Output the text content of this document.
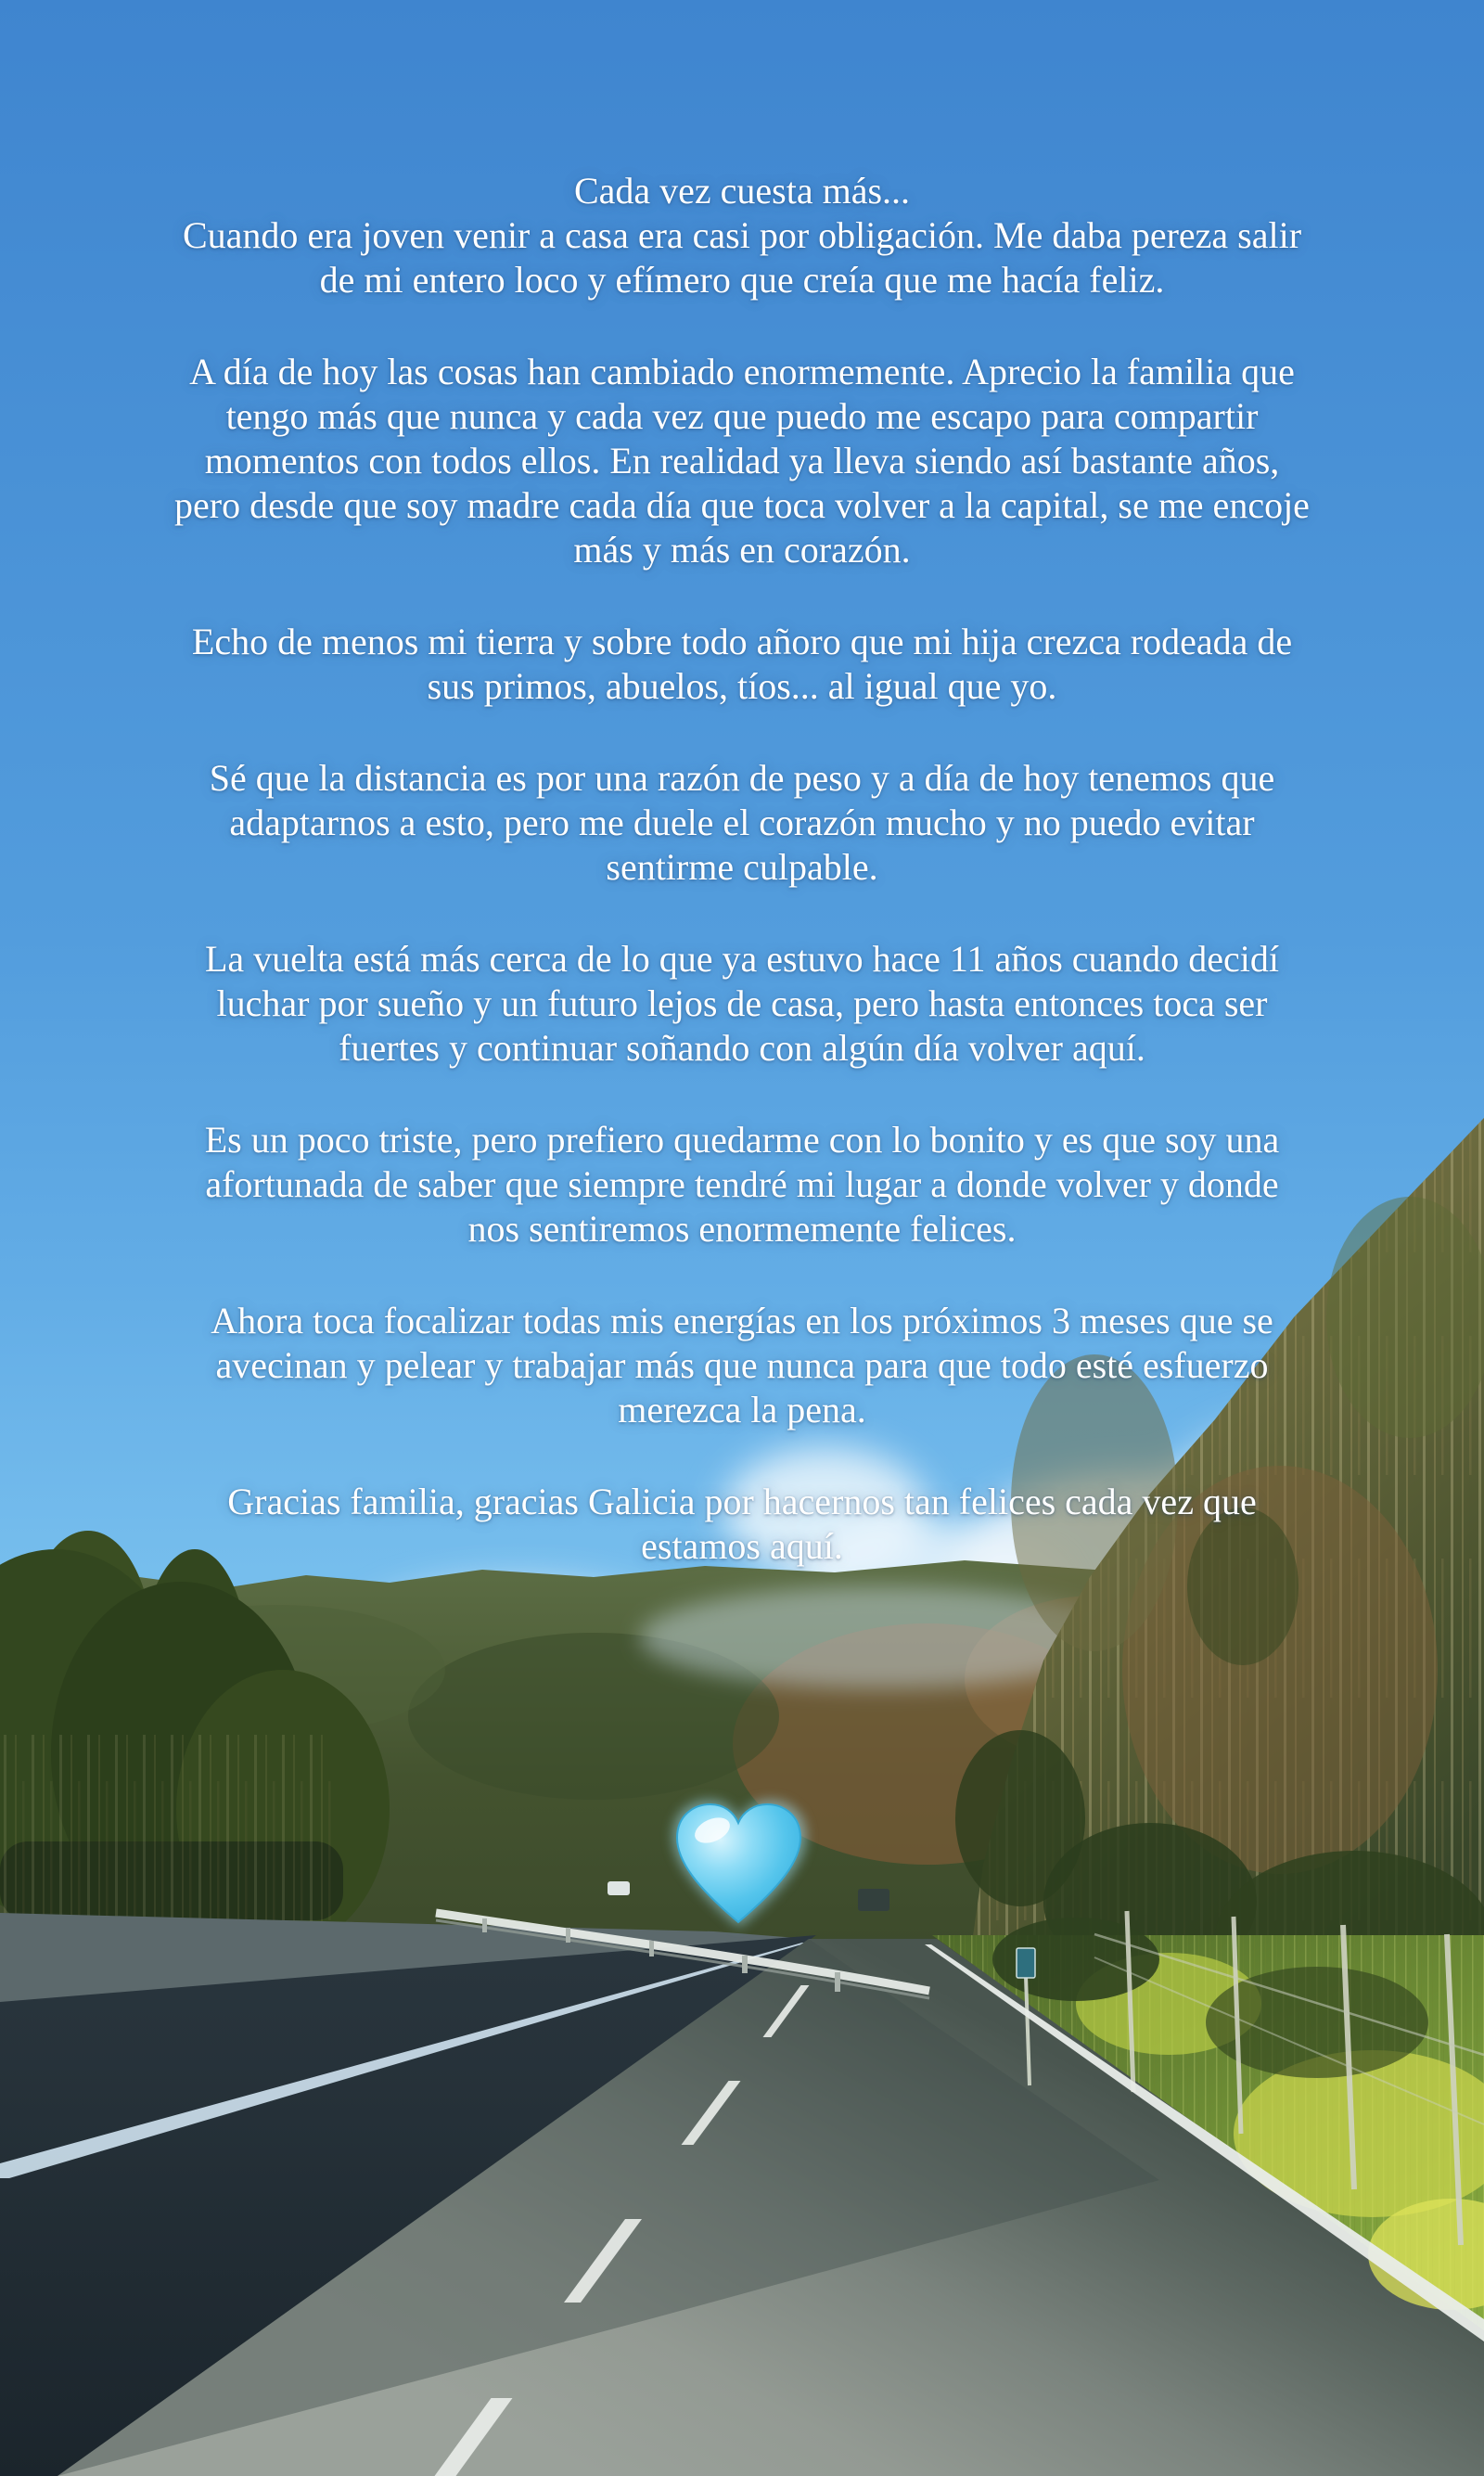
Cada vez cuesta más...
Cuando era joven venir a casa era casi por obligación. Me daba pereza salir
de mi entero loco y efímero que creía que me hacía feliz.
A día de hoy las cosas han cambiado enormemente. Aprecio la familia que
tengo más que nunca y cada vez que puedo me escapo para compartir
momentos con todos ellos. En realidad ya lleva siendo así bastante años,
pero desde que soy madre cada día que toca volver a la capital, se me encoje
más y más en corazón.
Echo de menos mi tierra y sobre todo añoro que mi hija crezca rodeada de
sus primos, abuelos, tíos... al igual que yo.
Sé que la distancia es por una razón de peso y a día de hoy tenemos que
adaptarnos a esto, pero me duele el corazón mucho y no puedo evitar
sentirme culpable.
La vuelta está más cerca de lo que ya estuvo hace 11 años cuando decidí
luchar por sueño y un futuro lejos de casa, pero hasta entonces toca ser
fuertes y continuar soñando con algún día volver aquí.
Es un poco triste, pero prefiero quedarme con lo bonito y es que soy una
afortunada de saber que siempre tendré mi lugar a donde volver y donde
nos sentiremos enormemente felices.
Ahora toca focalizar todas mis energías en los próximos 3 meses que se
avecinan y pelear y trabajar más que nunca para que todo esté esfuerzo
merezca la pena.
Gracias familia, gracias Galicia por hacernos tan felices cada vez que
estamos aquí.
